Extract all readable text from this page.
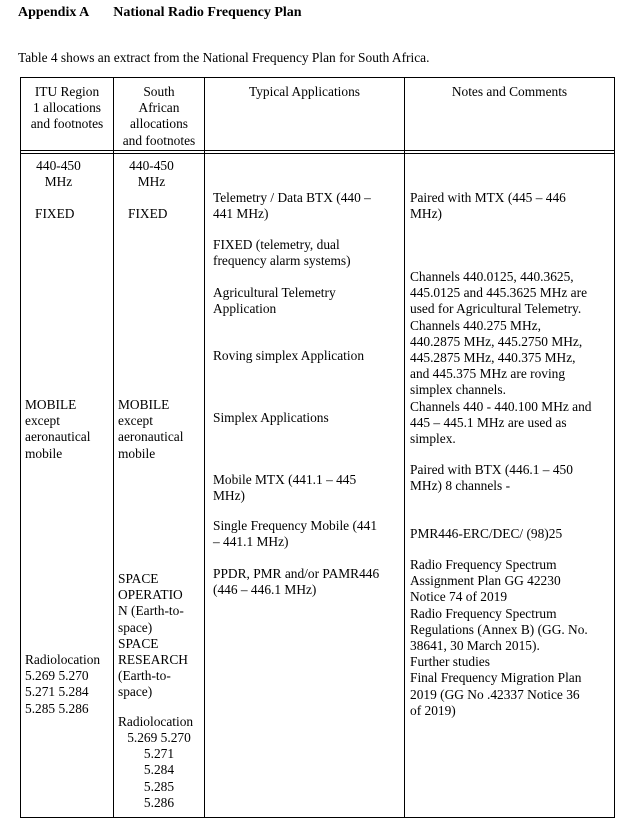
Appendix A National Radio Frequency Plan
Table 4 shows an extract from the National Frequency Plan for South Africa.
ITU Region
1 allocations
and footnotes
South
African
allocations
and footnotes
Typical Applications	Notes and Comments
440-450
MHz
FIXED
MOBILE
except
aeronautical
mobile
Radiolocation
5.269 5.270
5.271 5.284
5.285 5.286
440-450
MHz
FIXED
MOBILE
except
aeronautical
mobile
SPACE
OPERATIO
N (Earth-to-
space)
SPACE
RESEARCH
(Earth-to-
space)
Radiolocation
5.269 5.270
5.271
5.284
5.285
5.286
Telemetry / Data BTX (440 –
441 MHz)
FIXED (telemetry, dual
frequency alarm systems)
Agricultural Telemetry
Application
Roving simplex Application
Simplex Applications
Mobile MTX (441.1 – 445
MHz)
Single Frequency Mobile (441
– 441.1 MHz)
PPDR, PMR and/or PAMR446
(446 – 446.1 MHz)
Paired with MTX (445 – 446
MHz)
Channels 440.0125, 440.3625,
445.0125 and 445.3625 MHz are
used for Agricultural Telemetry.
Channels 440.275 MHz,
440.2875 MHz, 445.2750 MHz,
445.2875 MHz, 440.375 MHz,
and 445.375 MHz are roving
simplex channels.
Channels 440 - 440.100 MHz and
445 – 445.1 MHz are used as
simplex.
Paired with BTX (446.1 – 450
MHz) 8 channels -
PMR446-ERC/DEC/ (98)25
Radio Frequency Spectrum
Assignment Plan GG 42230
Notice 74 of 2019
Radio Frequency Spectrum
Regulations (Annex B) (GG. No.
38641, 30 March 2015).
Further studies
Final Frequency Migration Plan
2019 (GG No .42337 Notice 36
of 2019)
